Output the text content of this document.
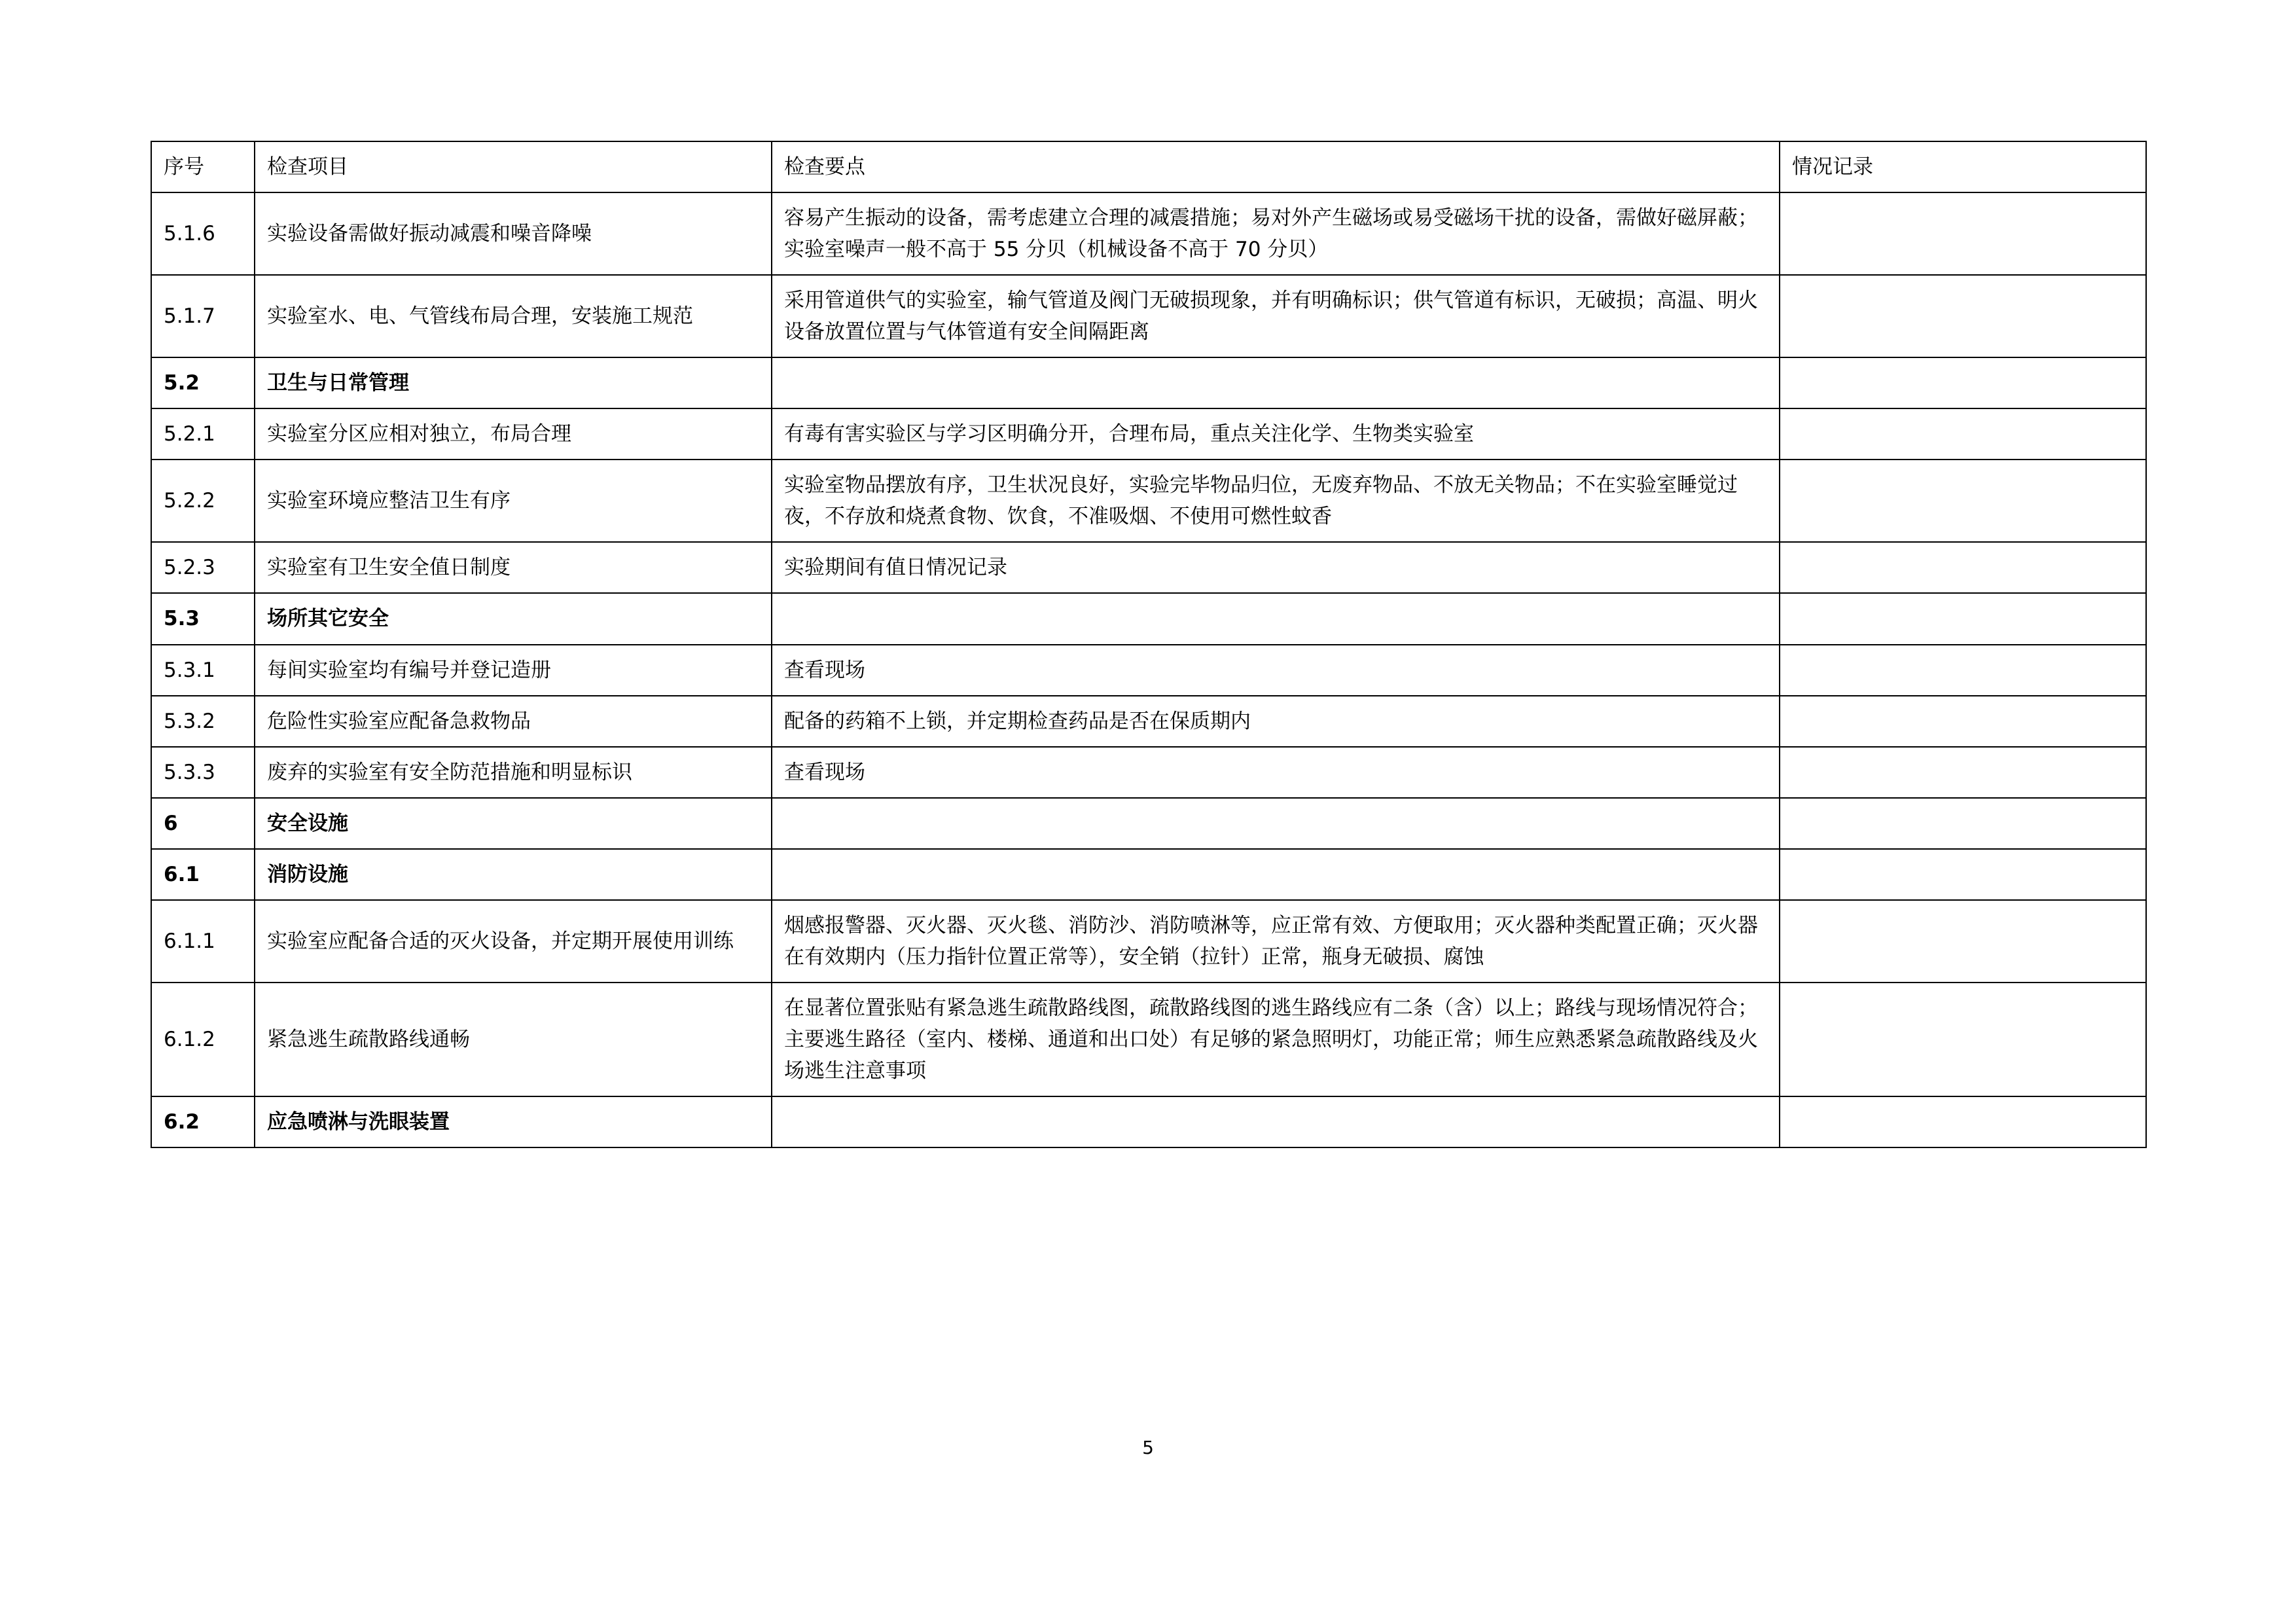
序号	检查项目	检查要点	情况记录
5.1.6	实验设备需做好振动减震和噪音降噪	容易产生振动的设备，需考虑建立合理的减震措施；易对外产生磁场或易受磁场干扰的设备，需做好磁屏蔽；实验室噪声一般不高于 55 分贝（机械设备不高于 70 分贝）	
5.1.7	实验室水、电、气管线布局合理，安装施工规范	采用管道供气的实验室，输气管道及阀门无破损现象，并有明确标识；供气管道有标识，无破损；高温、明火设备放置位置与气体管道有安全间隔距离	
5.2	卫生与日常管理		
5.2.1	实验室分区应相对独立，布局合理	有毒有害实验区与学习区明确分开，合理布局，重点关注化学、生物类实验室	
5.2.2	实验室环境应整洁卫生有序	实验室物品摆放有序，卫生状况良好，实验完毕物品归位，无废弃物品、不放无关物品；不在实验室睡觉过夜，不存放和烧煮食物、饮食，不准吸烟、不使用可燃性蚊香	
5.2.3	实验室有卫生安全值日制度	实验期间有值日情况记录	
5.3	场所其它安全		
5.3.1	每间实验室均有编号并登记造册	查看现场	
5.3.2	危险性实验室应配备急救物品	配备的药箱不上锁，并定期检查药品是否在保质期内	
5.3.3	废弃的实验室有安全防范措施和明显标识	查看现场	
6	安全设施		
6.1	消防设施		
6.1.1	实验室应配备合适的灭火设备，并定期开展使用训练	烟感报警器、灭火器、灭火毯、消防沙、消防喷淋等，应正常有效、方便取用；灭火器种类配置正确；灭火器在有效期内（压力指针位置正常等），安全销（拉针）正常，瓶身无破损、腐蚀	
6.1.2	紧急逃生疏散路线通畅	在显著位置张贴有紧急逃生疏散路线图，疏散路线图的逃生路线应有二条（含）以上；路线与现场情况符合；主要逃生路径（室内、楼梯、通道和出口处）有足够的紧急照明灯，功能正常；师生应熟悉紧急疏散路线及火场逃生注意事项	
6.2	应急喷淋与洗眼装置		
5
